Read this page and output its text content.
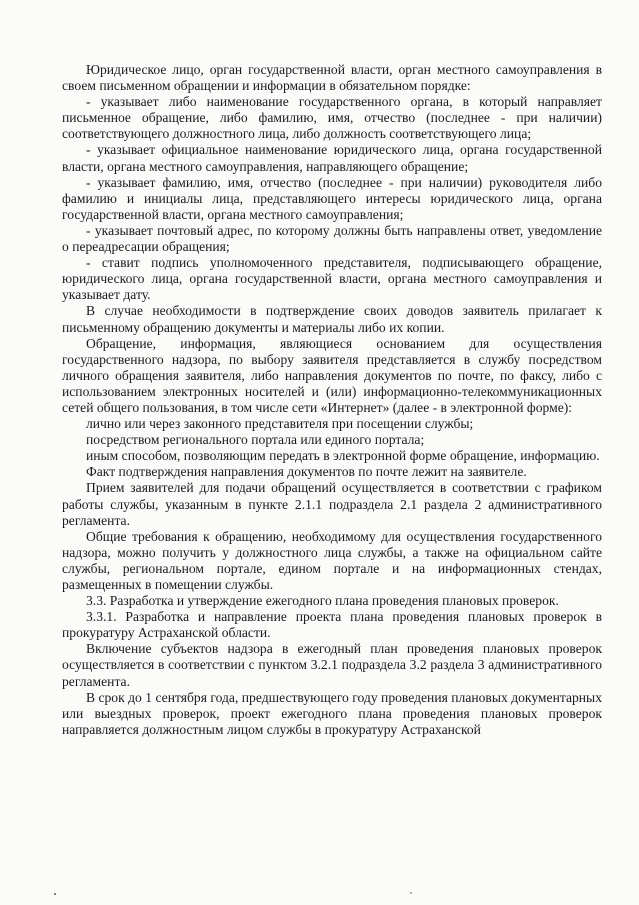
Юридическое лицо, орган государственной власти, орган местного самоуправления в своем письменном обращении и информации в обязательном порядке:

- указывает либо наименование государственного органа, в который направляет письменное обращение, либо фамилию, имя, отчество (последнее - при наличии) соответствующего должностного лица, либо должность соответствующего лица;

- указывает официальное наименование юридического лица, органа государственной власти, органа местного самоуправления, направляющего обращение;

- указывает фамилию, имя, отчество (последнее - при наличии) руководителя либо фамилию и инициалы лица, представляющего интересы юридического лица, органа государственной власти, органа местного самоуправления;

- указывает почтовый адрес, по которому должны быть направлены ответ, уведомление о переадресации обращения;

- ставит подпись уполномоченного представителя, подписывающего обращение, юридического лица, органа государственной власти, органа местного самоуправления и указывает дату.

В случае необходимости в подтверждение своих доводов заявитель прилагает к письменному обращению документы и материалы либо их копии.

Обращение, информация, являющиеся основанием для осуществления государственного надзора, по выбору заявителя представляется в службу посредством личного обращения заявителя, либо направления документов по почте, по факсу, либо с использованием электронных носителей и (или) информационно-телекоммуникационных сетей общего пользования, в том числе сети «Интернет» (далее - в электронной форме):

лично или через законного представителя при посещении службы;

посредством регионального портала или единого портала;

иным способом, позволяющим передать в электронной форме обращение, информацию.

Факт подтверждения направления документов по почте лежит на заявителе.

Прием заявителей для подачи обращений осуществляется в соответствии с графиком работы службы, указанным в пункте 2.1.1 подраздела 2.1 раздела 2 административного регламента.

Общие требования к обращению, необходимому для осуществления государственного надзора, можно получить у должностного лица службы, а также на официальном сайте службы, региональном портале, едином портале и на информационных стендах, размещенных в помещении службы.

3.3. Разработка и утверждение ежегодного плана проведения плановых проверок.

3.3.1. Разработка и направление проекта плана проведения плановых проверок в прокуратуру Астраханской области.

Включение субъектов надзора в ежегодный план проведения плановых проверок осуществляется в соответствии с пунктом 3.2.1 подраздела 3.2 раздела 3 административного регламента.

В срок до 1 сентября года, предшествующего году проведения плановых документарных или выездных проверок, проект ежегодного плана проведения плановых проверок направляется должностным лицом службы в прокуратуру Астраханской
